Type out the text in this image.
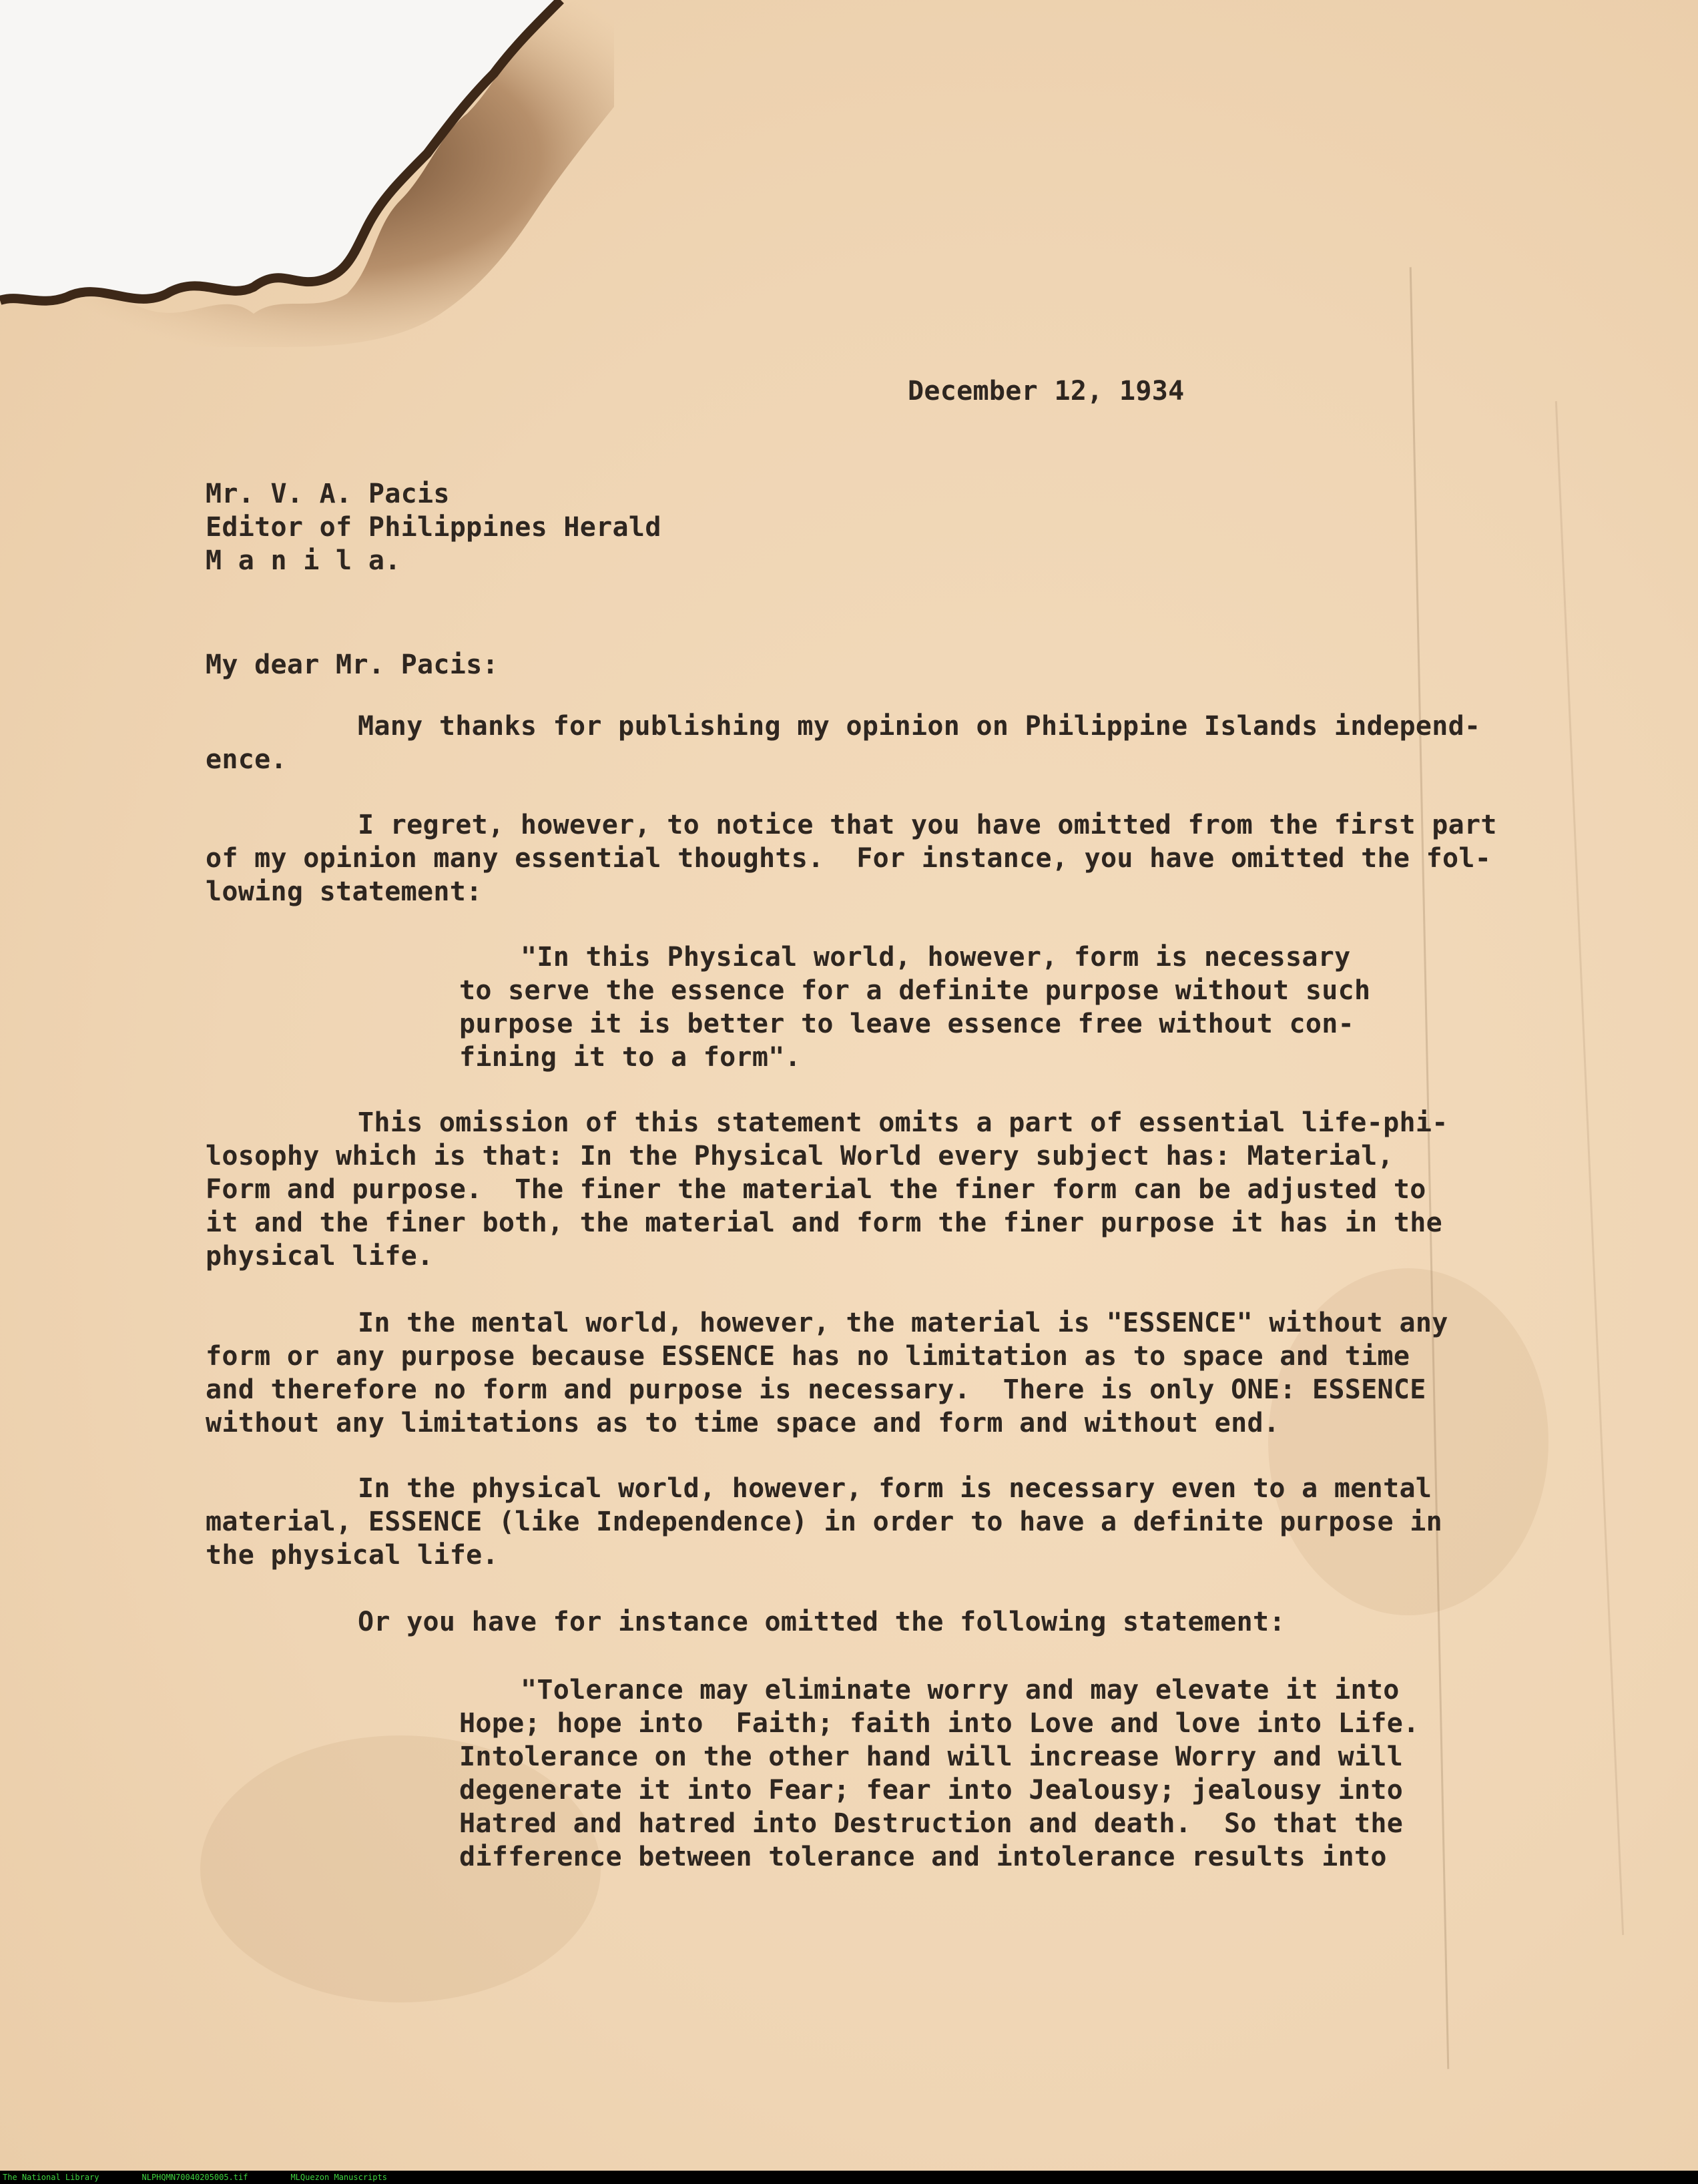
December 12, 1934
Mr. V. A. Pacis
Editor of Philippines Herald
M a n i l a.
My dear Mr. Pacis:
Many thanks for publishing my opinion on Philippine Islands independ-
ence.
I regret, however, to notice that you have omitted from the first part
of my opinion many essential thoughts.  For instance, you have omitted the fol-
lowing statement:
"In this Physical world, however, form is necessary
to serve the essence for a definite purpose without such
purpose it is better to leave essence free without con-
fining it to a form".
This omission of this statement omits a part of essential life-phi-
losophy which is that: In the Physical World every subject has: Material,
Form and purpose.  The finer the material the finer form can be adjusted to
it and the finer both, the material and form the finer purpose it has in the
physical life.
In the mental world, however, the material is "ESSENCE" without any
form or any purpose because ESSENCE has no limitation as to space and time
and therefore no form and purpose is necessary.  There is only ONE: ESSENCE
without any limitations as to time space and form and without end.
In the physical world, however, form is necessary even to a mental
material, ESSENCE (like Independence) in order to have a definite purpose in
the physical life.
Or you have for instance omitted the following statement:
"Tolerance may eliminate worry and may elevate it into
Hope; hope into  Faith; faith into Love and love into Life.
Intolerance on the other hand will increase Worry and will
degenerate it into Fear; fear into Jealousy; jealousy into
Hatred and hatred into Destruction and death.  So that the
difference between tolerance and intolerance results into
The National Library	NLPHQMN70040205005.tif	MLQuezon Manuscripts
